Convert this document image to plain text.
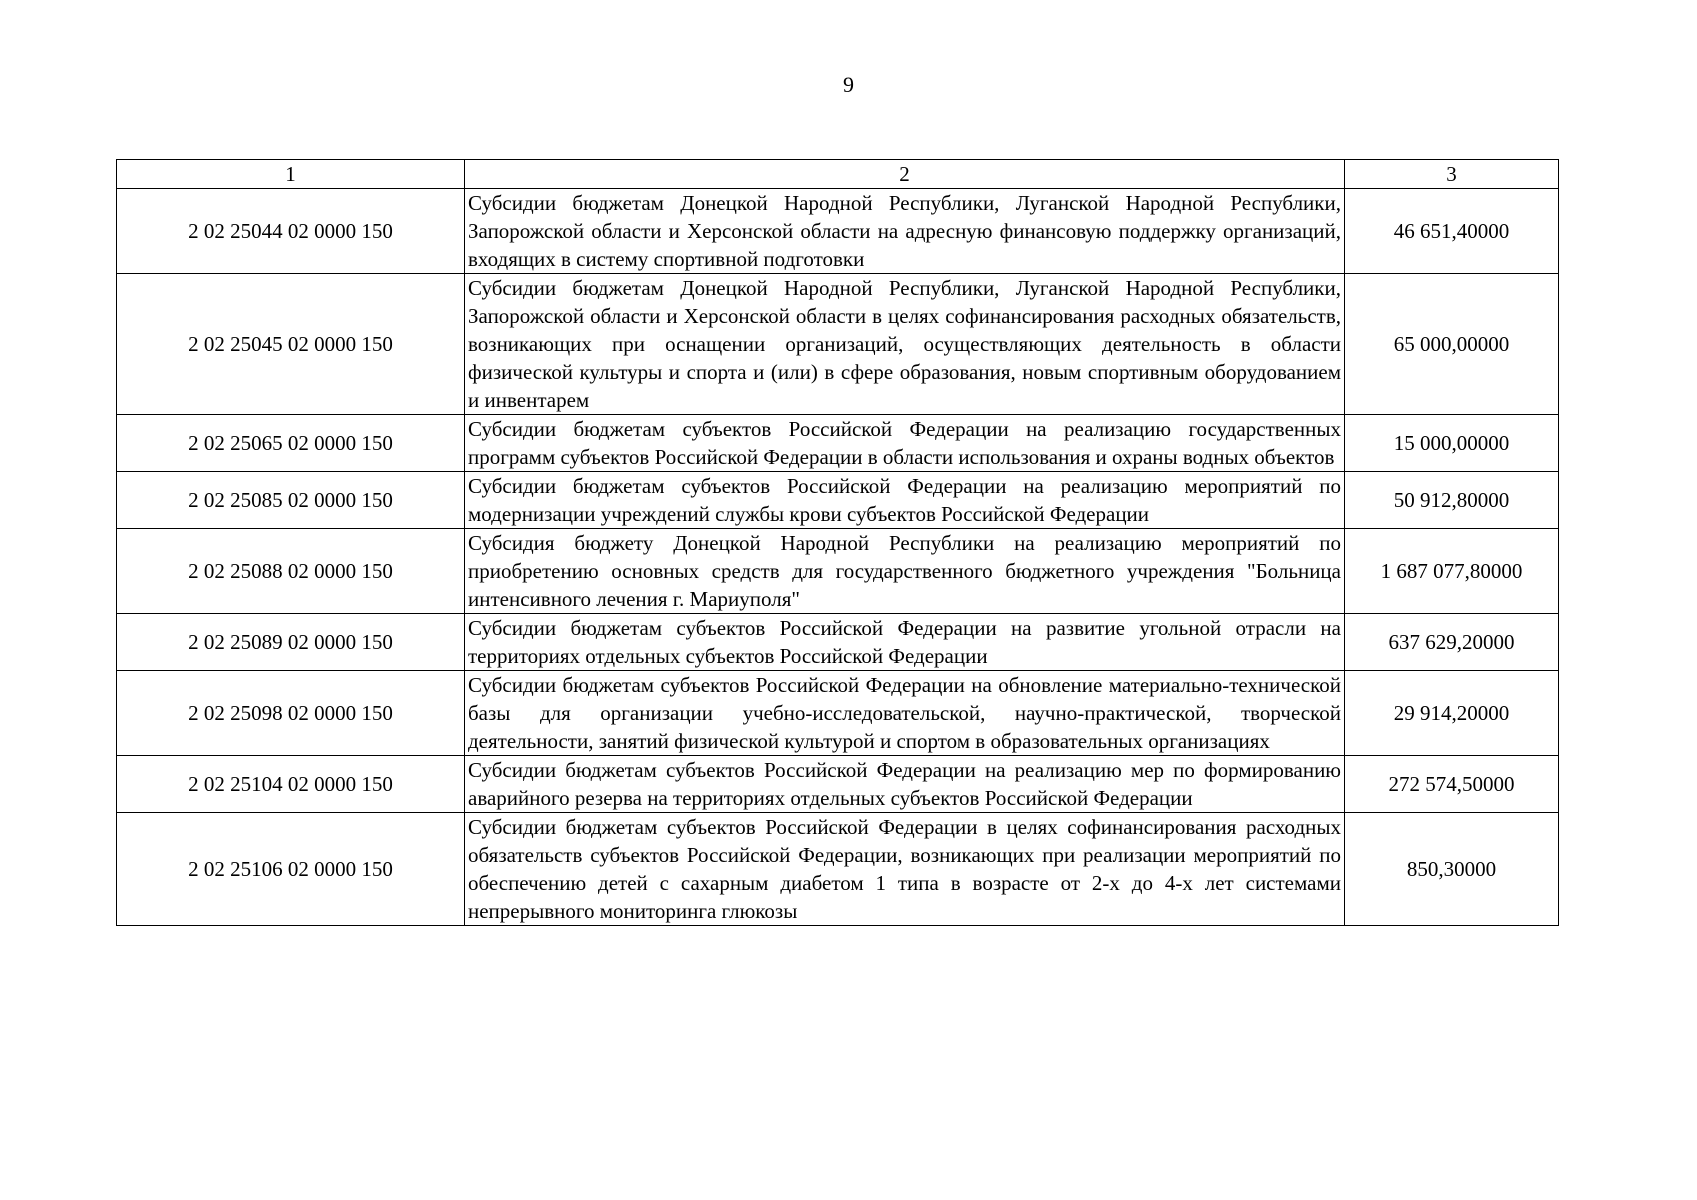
9
1	2	3
2 02 25044 02 0000 150	Субсидии бюджетам Донецкой Народной Республики, Луганской Народной Республики, Запорожской области и Херсонской области на адресную финансовую поддержку организаций, входящих в систему спортивной подготовки	46 651,40000
2 02 25045 02 0000 150	Субсидии бюджетам Донецкой Народной Республики, Луганской Народной Республики, Запорожской области и Херсонской области в целях софинансирования расходных обязательств, возникающих при оснащении организаций, осуществляющих деятельность в области физической культуры и спорта и (или) в сфере образования, новым спортивным оборудованием и инвентарем	65 000,00000
2 02 25065 02 0000 150	Субсидии бюджетам субъектов Российской Федерации на реализацию государственных программ субъектов Российской Федерации в области использования и охраны водных объектов	15 000,00000
2 02 25085 02 0000 150	Субсидии бюджетам субъектов Российской Федерации на реализацию мероприятий по модернизации учреждений службы крови субъектов Российской Федерации	50 912,80000
2 02 25088 02 0000 150	Субсидия бюджету Донецкой Народной Республики на реализацию мероприятий по приобретению основных средств для государственного бюджетного учреждения "Больница интенсивного лечения г. Мариуполя"	1 687 077,80000
2 02 25089 02 0000 150	Субсидии бюджетам субъектов Российской Федерации на развитие угольной отрасли на территориях отдельных субъектов Российской Федерации	637 629,20000
2 02 25098 02 0000 150	Субсидии бюджетам субъектов Российской Федерации на обновление материально-технической базы для организации учебно-исследовательской, научно-практической, творческой деятельности, занятий физической культурой и спортом в образовательных организациях	29 914,20000
2 02 25104 02 0000 150	Субсидии бюджетам субъектов Российской Федерации на реализацию мер по формированию аварийного резерва на территориях отдельных субъектов Российской Федерации	272 574,50000
2 02 25106 02 0000 150	Субсидии бюджетам субъектов Российской Федерации в целях софинансирования расходных обязательств субъектов Российской Федерации, возникающих при реализации мероприятий по обеспечению детей с сахарным диабетом 1 типа в возрасте от 2-х до 4-х лет системами непрерывного мониторинга глюкозы	850,30000
